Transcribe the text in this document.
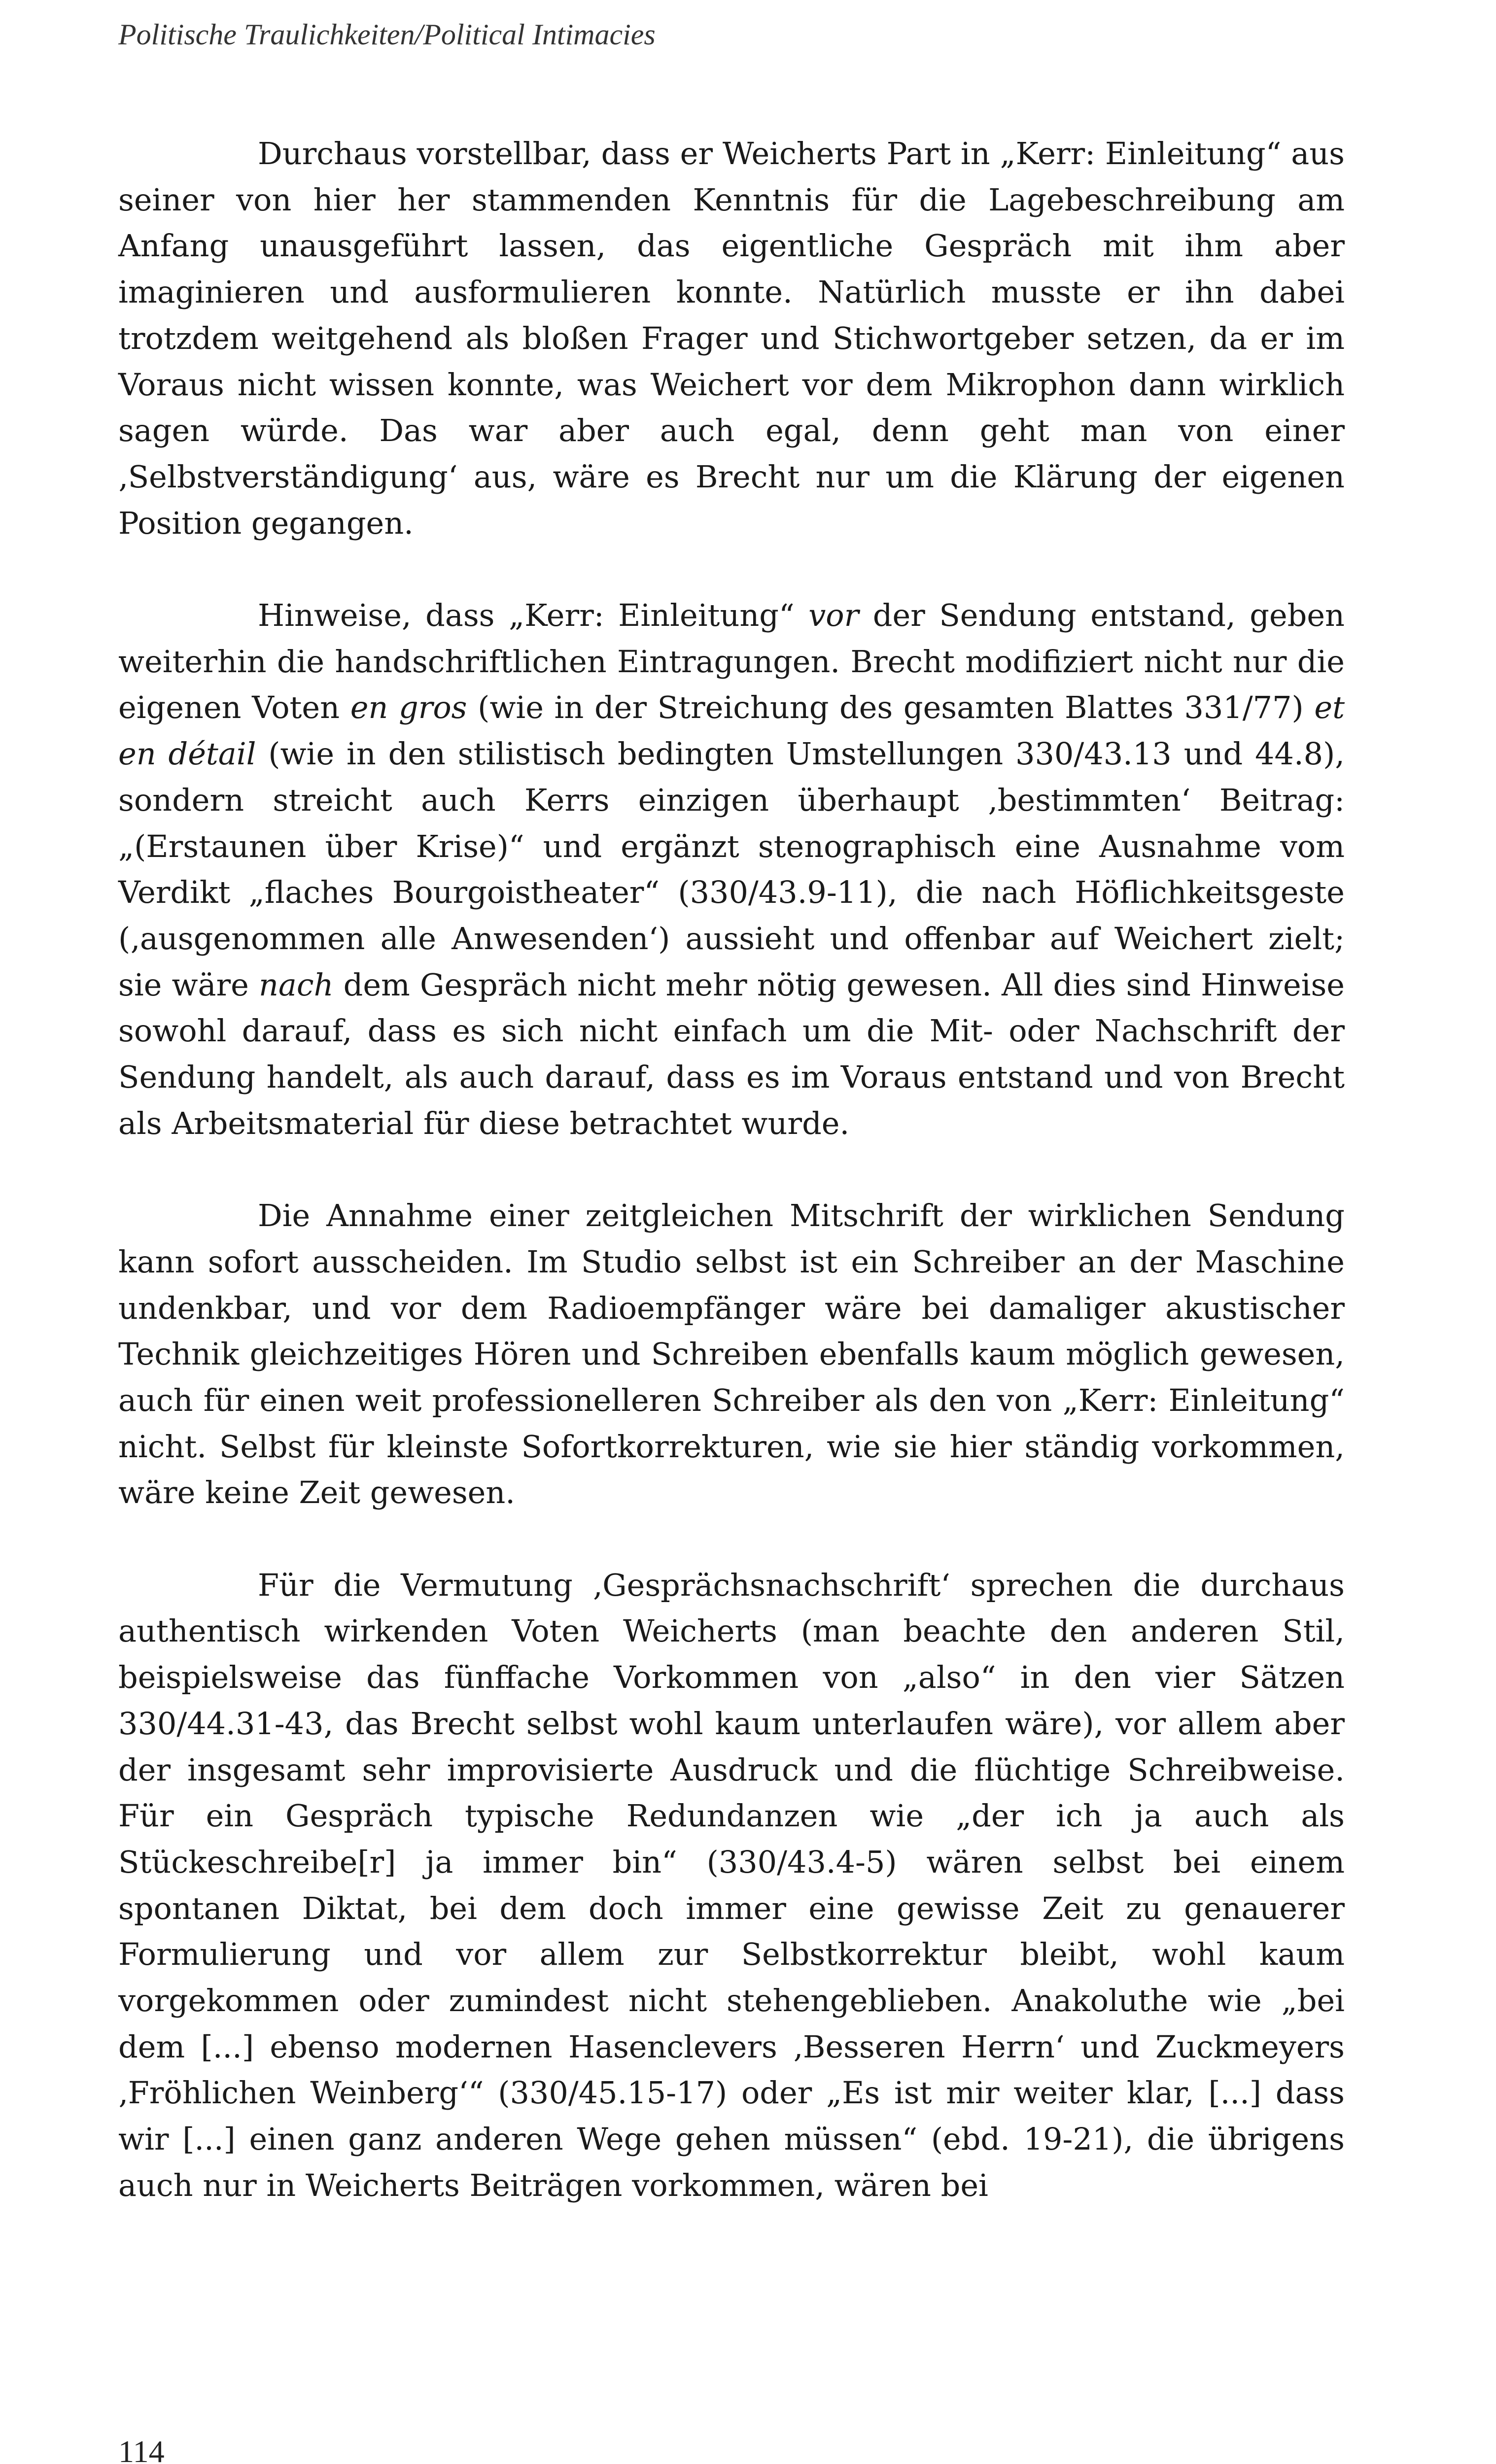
Politische Traulichkeiten/Political Intimacies

Durchaus vorstellbar, dass er Weicherts Part in „Kerr: Einleitung“ aus seiner von hier her stammenden Kenntnis für die Lagebeschreibung am Anfang unausgeführt lassen, das eigentliche Gespräch mit ihm aber imaginieren und ausformulieren konnte. Natürlich musste er ihn dabei trotzdem weitgehend als bloßen Frager und Stichwortgeber setzen, da er im Voraus nicht wissen konnte, was Weichert vor dem Mikrophon dann wirklich sagen würde. Das war aber auch egal, denn geht man von einer ‚Selbstverständigung‘ aus, wäre es Brecht nur um die Klärung der eigenen Position gegangen.

Hinweise, dass „Kerr: Einleitung“ vor der Sendung entstand, geben weiterhin die handschriftlichen Eintragungen. Brecht modifiziert nicht nur die eigenen Voten en gros (wie in der Streichung des gesamten Blattes 331/77) et en détail (wie in den stilistisch bedingten Umstellungen 330/43.13 und 44.8), sondern streicht auch Kerrs einzigen überhaupt ‚bestimmten‘ Beitrag: „(Erstaunen über Krise)“ und ergänzt stenographisch eine Ausnahme vom Verdikt „flaches Bourgoistheater“ (330/43.9-11), die nach Höflichkeitsgeste (‚ausgenommen alle Anwesenden‘) aussieht und offenbar auf Weichert zielt; sie wäre nach dem Gespräch nicht mehr nötig gewesen. All dies sind Hinweise sowohl darauf, dass es sich nicht einfach um die Mit- oder Nachschrift der Sendung handelt, als auch darauf, dass es im Voraus entstand und von Brecht als Arbeitsmaterial für diese betrachtet wurde.

Die Annahme einer zeitgleichen Mitschrift der wirklichen Sendung kann sofort ausscheiden. Im Studio selbst ist ein Schreiber an der Maschine undenkbar, und vor dem Radioempfänger wäre bei damaliger akustischer Technik gleichzeitiges Hören und Schreiben ebenfalls kaum möglich gewesen, auch für einen weit professionelleren Schreiber als den von „Kerr: Einleitung“ nicht. Selbst für kleinste Sofortkorrekturen, wie sie hier ständig vorkommen, wäre keine Zeit gewesen.

Für die Vermutung ‚Gesprächsnachschrift‘ sprechen die durchaus authentisch wirkenden Voten Weicherts (man beachte den anderen Stil, beispielsweise das fünffache Vorkommen von „also“ in den vier Sätzen 330/44.31-43, das Brecht selbst wohl kaum unterlaufen wäre), vor allem aber der insgesamt sehr improvisierte Ausdruck und die flüchtige Schreibweise. Für ein Gespräch typische Redundanzen wie „der ich ja auch als Stückeschreibe[r] ja immer bin“ (330/43.4-5) wären selbst bei einem spontanen Diktat, bei dem doch immer eine gewisse Zeit zu genauerer Formulierung und vor allem zur Selbstkorrektur bleibt, wohl kaum vorgekommen oder zumindest nicht stehengeblieben. Anakoluthe wie „bei dem [...] ebenso modernen Hasenclevers ‚Besseren Herrn‘ und Zuckmeyers ‚Fröhlichen Weinberg‘“ (330/45.15-17) oder „Es ist mir weiter klar, [...] dass wir [...] einen ganz anderen Wege gehen müssen“ (ebd. 19-21), die übrigens auch nur in Weicherts Beiträgen vorkommen, wären bei

114
